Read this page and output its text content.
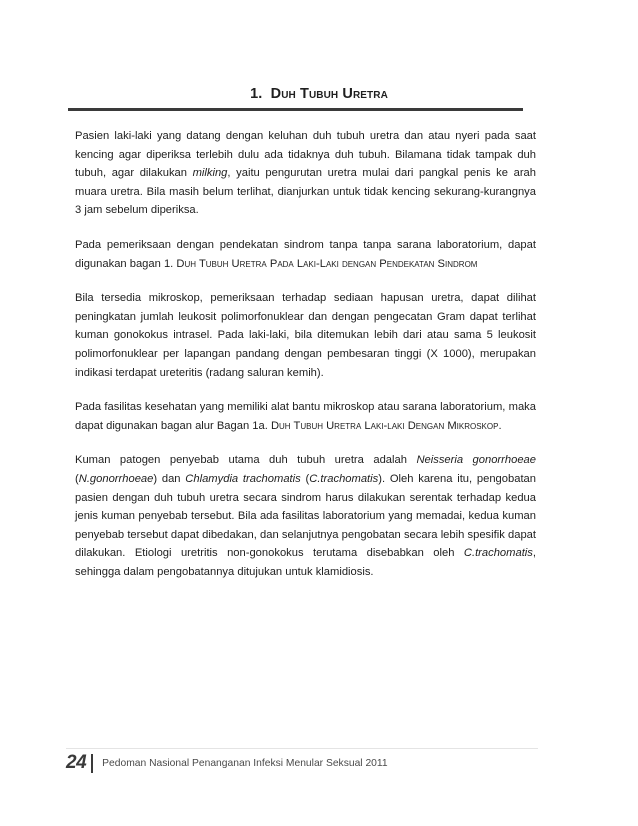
1. Duh Tubuh Uretra

Pasien laki-laki yang datang dengan keluhan duh tubuh uretra dan atau nyeri pada saat kencing agar diperiksa terlebih dulu ada tidaknya duh tubuh. Bilamana tidak tampak duh tubuh, agar dilakukan milking, yaitu pengurutan uretra mulai dari pangkal penis ke arah muara uretra. Bila masih belum terlihat, dianjurkan untuk tidak kencing sekurang-kurangnya 3 jam sebelum diperiksa.

Pada pemeriksaan dengan pendekatan sindrom tanpa tanpa sarana laboratorium, dapat digunakan bagan 1. Duh Tubuh Uretra Pada Laki-Laki dengan Pendekatan Sindrom

Bila tersedia mikroskop, pemeriksaan terhadap sediaan hapusan uretra, dapat dilihat peningkatan jumlah leukosit polimorfonuklear dan dengan pengecatan Gram dapat terlihat kuman gonokokus intrasel. Pada laki-laki, bila ditemukan lebih dari atau sama 5 leukosit polimorfonuklear per lapangan pandang dengan pembesaran tinggi (X 1000), merupakan indikasi terdapat ureteritis (radang saluran kemih).

Pada fasilitas kesehatan yang memiliki alat bantu mikroskop atau sarana laboratorium, maka dapat digunakan bagan alur Bagan 1a. Duh Tubuh Uretra Laki-laki Dengan Mikroskop.

Kuman patogen penyebab utama duh tubuh uretra adalah Neisseria gonorrhoeae (N.gonorrhoeae) dan Chlamydia trachomatis (C.trachomatis). Oleh karena itu, pengobatan pasien dengan duh tubuh uretra secara sindrom harus dilakukan serentak terhadap kedua jenis kuman penyebab tersebut. Bila ada fasilitas laboratorium yang memadai, kedua kuman penyebab tersebut dapat dibedakan, dan selanjutnya pengobatan secara lebih spesifik dapat dilakukan. Etiologi uretritis non-gonokokus terutama disebabkan oleh C.trachomatis, sehingga dalam pengobatannya ditujukan untuk klamidiosis.

24 Pedoman Nasional Penanganan Infeksi Menular Seksual 2011
